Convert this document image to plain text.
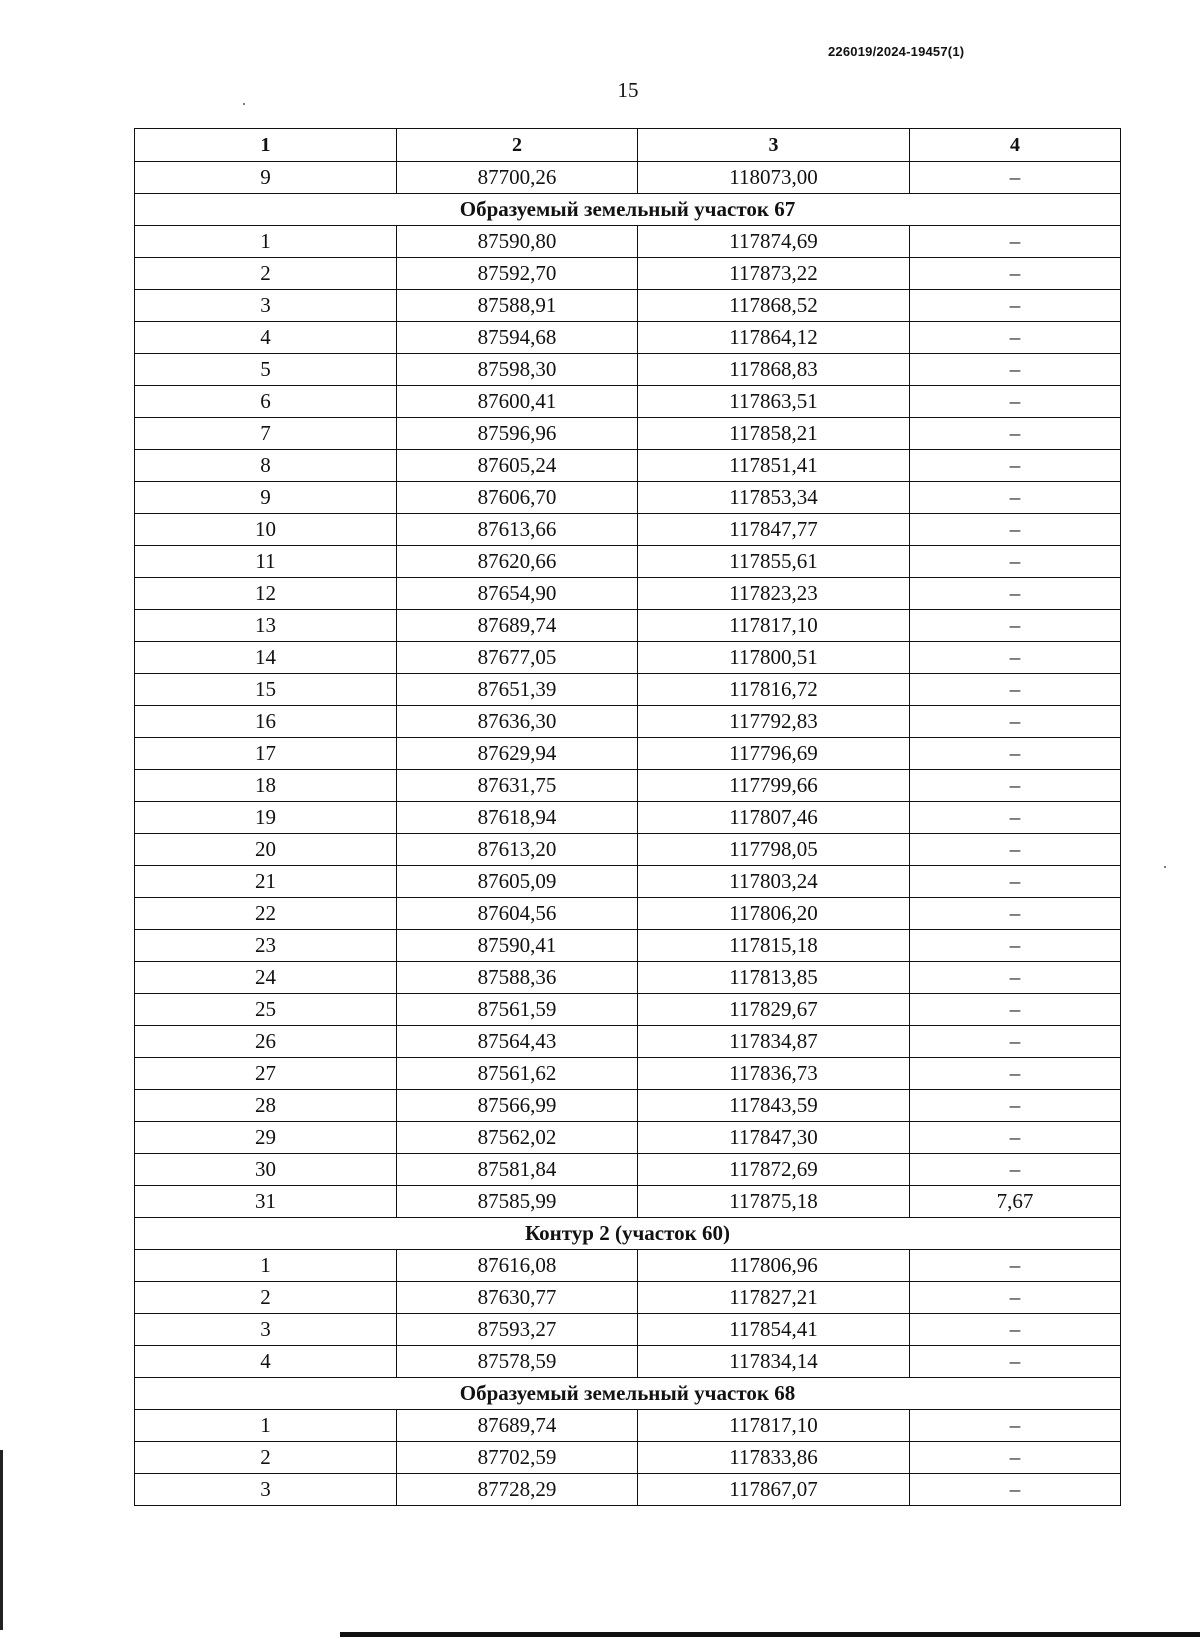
226019/2024-19457(1)
15
1	2	3	4
9	87700,26	118073,00	–
Образуемый земельный участок 67			
1	87590,80	117874,69	–
2	87592,70	117873,22	–
3	87588,91	117868,52	–
4	87594,68	117864,12	–
5	87598,30	117868,83	–
6	87600,41	117863,51	–
7	87596,96	117858,21	–
8	87605,24	117851,41	–
9	87606,70	117853,34	–
10	87613,66	117847,77	–
11	87620,66	117855,61	–
12	87654,90	117823,23	–
13	87689,74	117817,10	–
14	87677,05	117800,51	–
15	87651,39	117816,72	–
16	87636,30	117792,83	–
17	87629,94	117796,69	–
18	87631,75	117799,66	–
19	87618,94	117807,46	–
20	87613,20	117798,05	–
21	87605,09	117803,24	–
22	87604,56	117806,20	–
23	87590,41	117815,18	–
24	87588,36	117813,85	–
25	87561,59	117829,67	–
26	87564,43	117834,87	–
27	87561,62	117836,73	–
28	87566,99	117843,59	–
29	87562,02	117847,30	–
30	87581,84	117872,69	–
31	87585,99	117875,18	7,67
Контур 2 (участок 60)			
1	87616,08	117806,96	–
2	87630,77	117827,21	–
3	87593,27	117854,41	–
4	87578,59	117834,14	–
Образуемый земельный участок 68			
1	87689,74	117817,10	–
2	87702,59	117833,86	–
3	87728,29	117867,07	–
